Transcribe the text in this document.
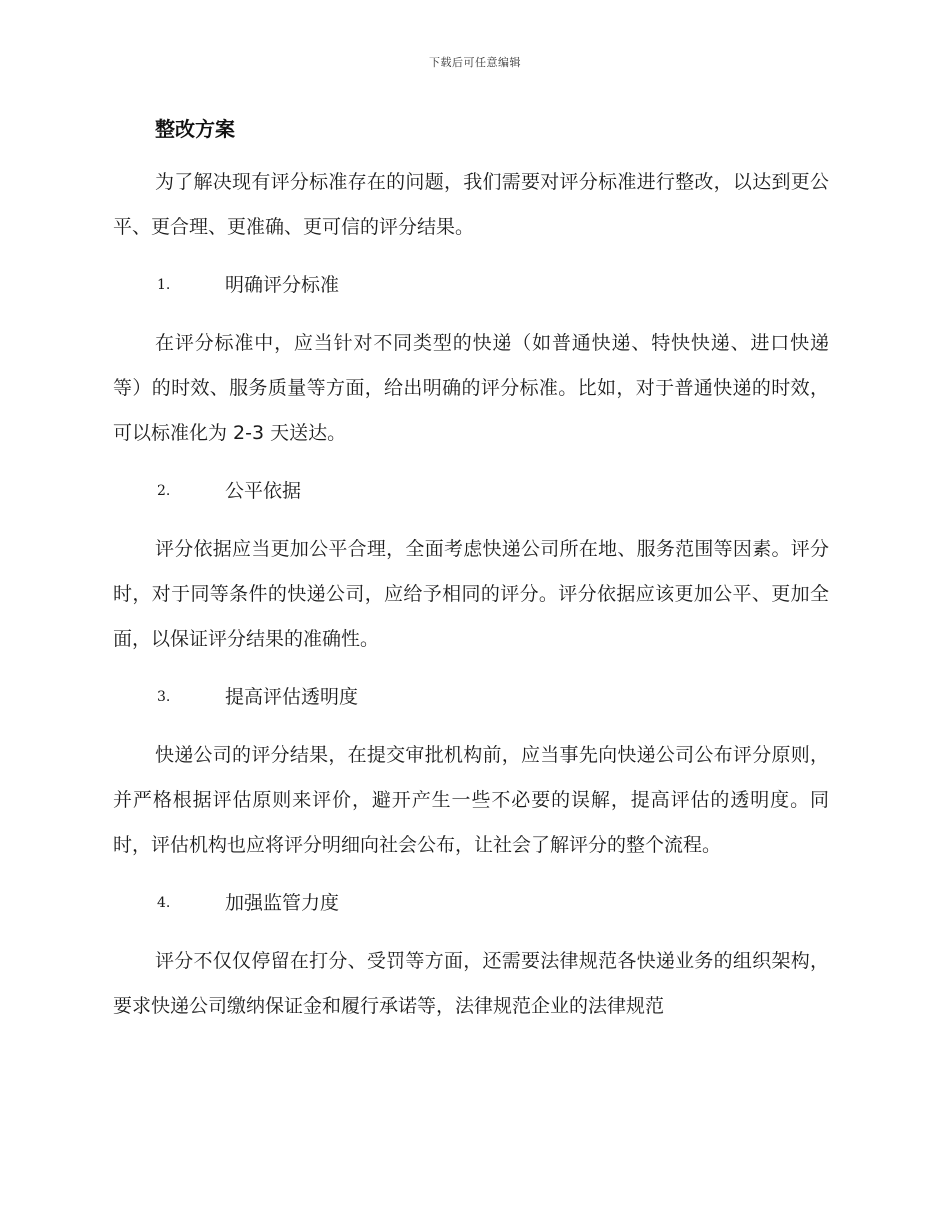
下载后可任意编辑
整改方案

为了解决现有评分标准存在的问题，我们需要对评分标准进行整改，以达到更公平、更合理、更准确、更可信的评分结果。

1.	明确评分标准

在评分标准中，应当针对不同类型的快递（如普通快递、特快快递、进口快递等）的时效、服务质量等方面，给出明确的评分标准。比如，对于普通快递的时效，可以标准化为 2-3 天送达。

2.	公平依据

评分依据应当更加公平合理，全面考虑快递公司所在地、服务范围等因素。评分时，对于同等条件的快递公司，应给予相同的评分。评分依据应该更加公平、更加全面，以保证评分结果的准确性。

3.	提高评估透明度

快递公司的评分结果，在提交审批机构前，应当事先向快递公司公布评分原则，并严格根据评估原则来评价，避开产生一些不必要的误解，提高评估的透明度。同时，评估机构也应将评分明细向社会公布，让社会了解评分的整个流程。

4.	加强监管力度

评分不仅仅停留在打分、受罚等方面，还需要法律规范各快递业务的组织架构，要求快递公司缴纳保证金和履行承诺等，法律规范企业的法律规范
